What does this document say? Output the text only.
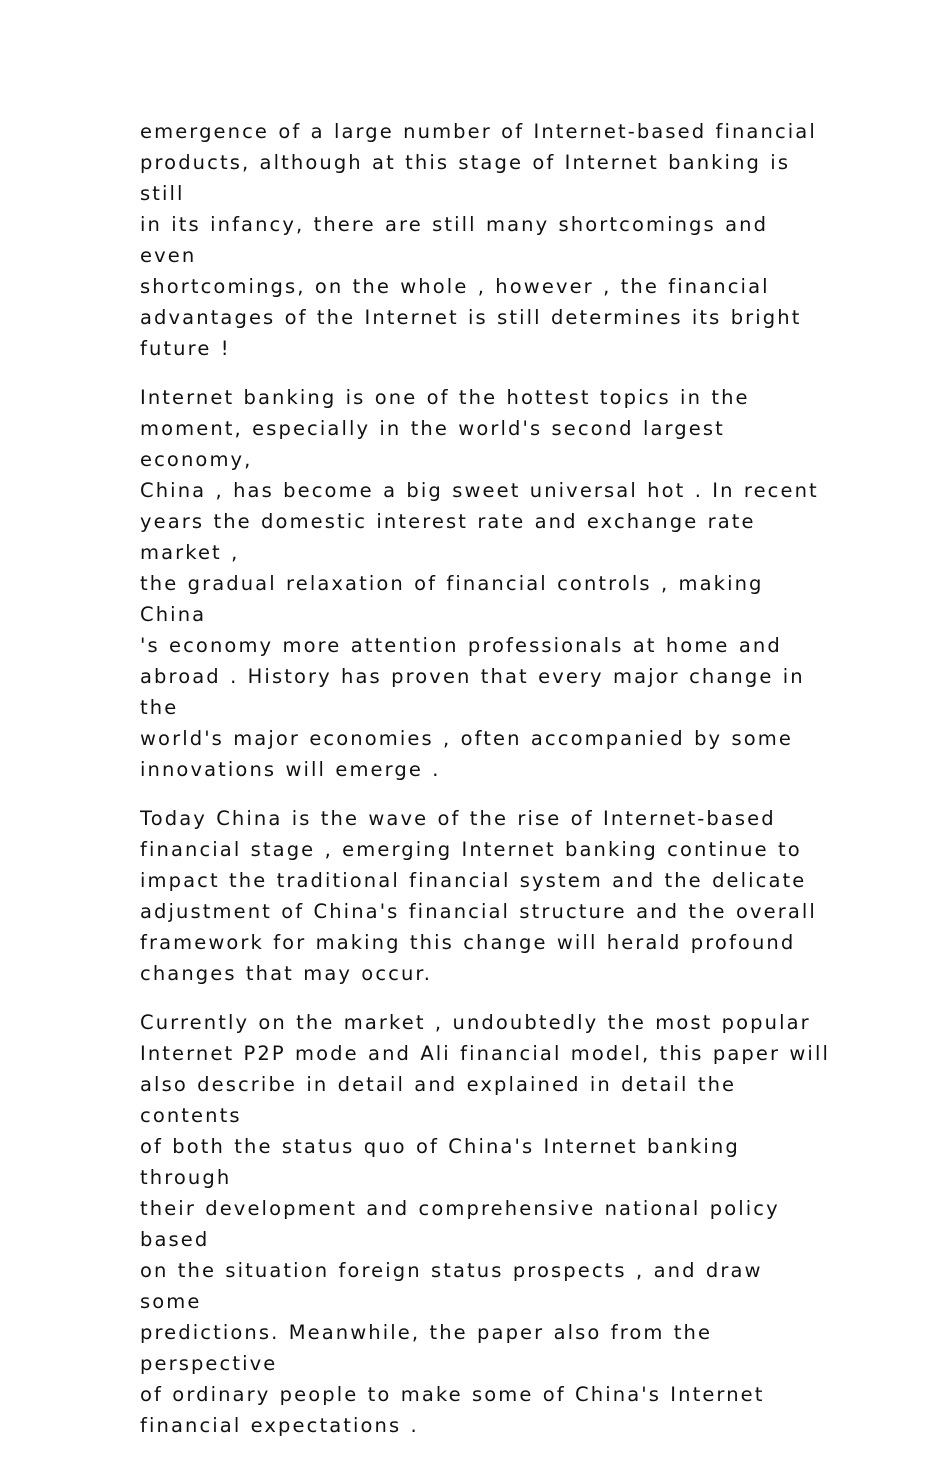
emergence of a large number of Internet-based financial
products, although at this stage of Internet banking is still
in its infancy, there are still many shortcomings and even
shortcomings, on the whole , however , the financial
advantages of the Internet is still determines its bright
future !

Internet banking is one of the hottest topics in the
moment, especially in the world's second largest economy,
China , has become a big sweet universal hot . In recent
years the domestic interest rate and exchange rate market ,
the gradual relaxation of financial controls , making China
's economy more attention professionals at home and
abroad . History has proven that every major change in the
world's major economies , often accompanied by some
innovations will emerge .

Today China is the wave of the rise of Internet-based
financial stage , emerging Internet banking continue to
impact the traditional financial system and the delicate
adjustment of China's financial structure and the overall
framework for making this change will herald profound
changes that may occur.

Currently on the market , undoubtedly the most popular
Internet P2P mode and Ali financial model, this paper will
also describe in detail and explained in detail the contents
of both the status quo of China's Internet banking through
their development and comprehensive national policy based
on the situation foreign status prospects , and draw some
predictions. Meanwhile, the paper also from the perspective
of ordinary people to make some of China's Internet
financial expectations .
